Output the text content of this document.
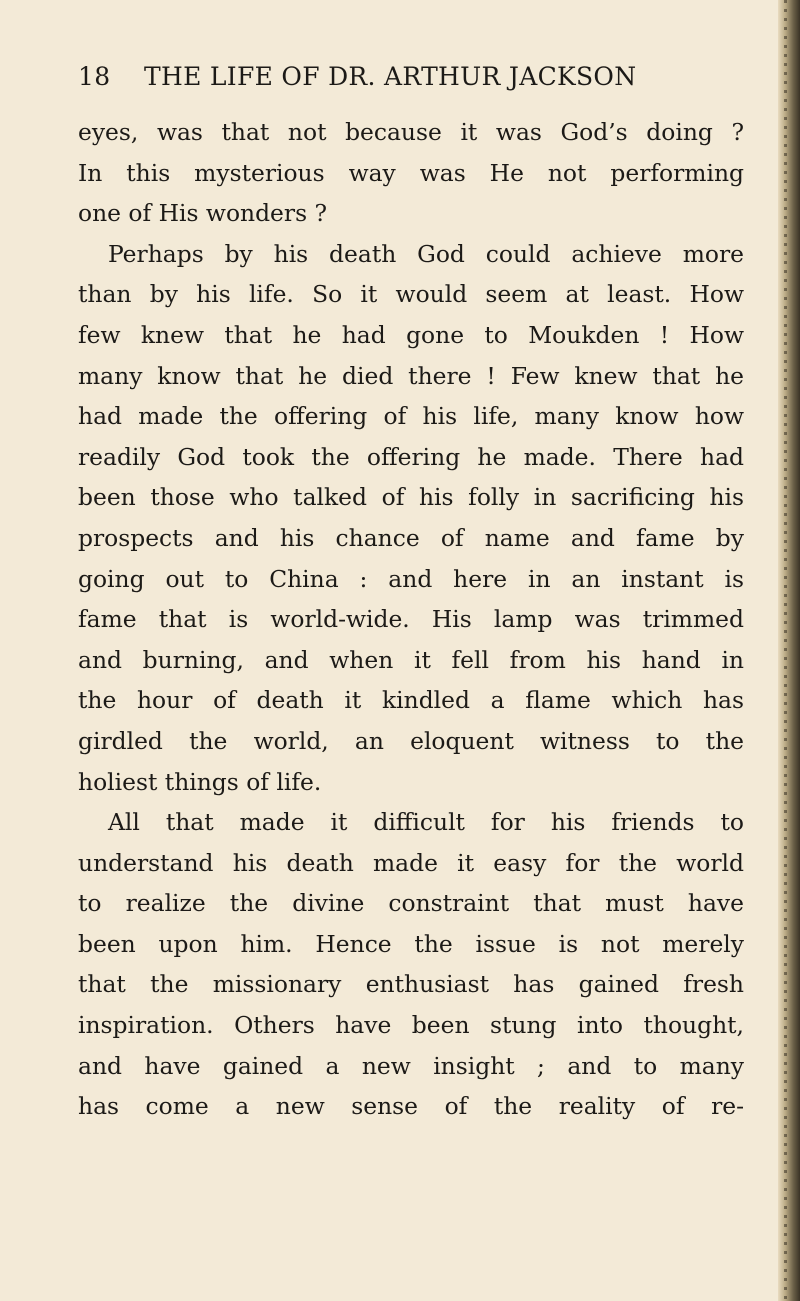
18 THE LIFE OF DR. ARTHUR JACKSON
eyes, was that not because it was God’s doing ?
In this mysterious way was He not performing
one of His wonders ?
Perhaps by his death God could achieve more
than by his life. So it would seem at least. How
few knew that he had gone to Moukden ! How
many know that he died there ! Few knew that he
had made the offering of his life, many know how
readily God took the offering he made. There had
been those who talked of his folly in sacrificing his
prospects and his chance of name and fame by
going out to China : and here in an instant is
fame that is world-wide. His lamp was trimmed
and burning, and when it fell from his hand in
the hour of death it kindled a flame which has
girdled the world, an eloquent witness to the
holiest things of life.
All that made it difficult for his friends to
understand his death made it easy for the world
to realize the divine constraint that must have
been upon him. Hence the issue is not merely
that the missionary enthusiast has gained fresh
inspiration. Others have been stung into thought,
and have gained a new insight ; and to many
has come a new sense of the reality of re-
